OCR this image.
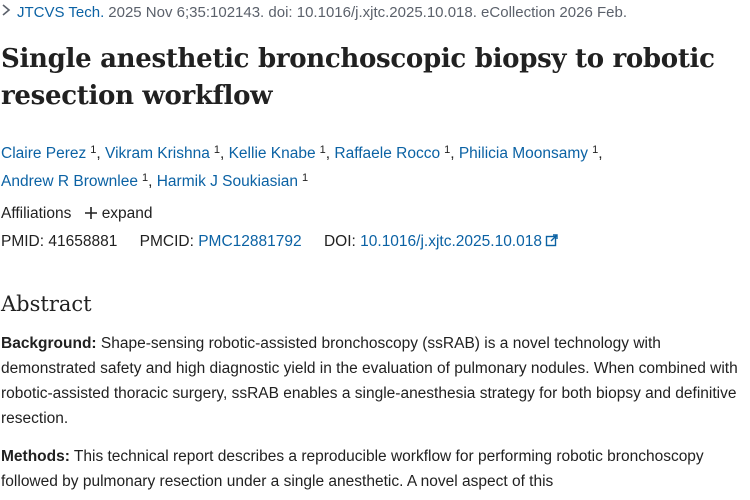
JTCVS Tech. 2025 Nov 6;35:102143. doi: 10.1016/j.xjtc.2025.10.018. eCollection 2026 Feb.
Single anesthetic bronchoscopic biopsy to robotic resection workflow
Claire Perez $^1$, Vikram Krishna $^1$, Kellie Knabe $^1$, Raffaele Rocco $^1$, Philicia Moonsamy $^1$,
Andrew R Brownlee $^1$, Harmik J Soukiasian $^1$
Affiliations expand
PMID: 41658881 PMCID: PMC12881792 DOI: 10.1016/j.xjtc.2025.10.018
Abstract

Background: Shape-sensing robotic-assisted bronchoscopy (ssRAB) is a novel technology with demonstrated safety and high diagnostic yield in the evaluation of pulmonary nodules. When combined with robotic-assisted thoracic surgery, ssRAB enables a single-anesthesia strategy for both biopsy and definitive resection.

Methods: This technical report describes a reproducible workflow for performing robotic bronchoscopy followed by pulmonary resection under a single anesthetic. A novel aspect of this
